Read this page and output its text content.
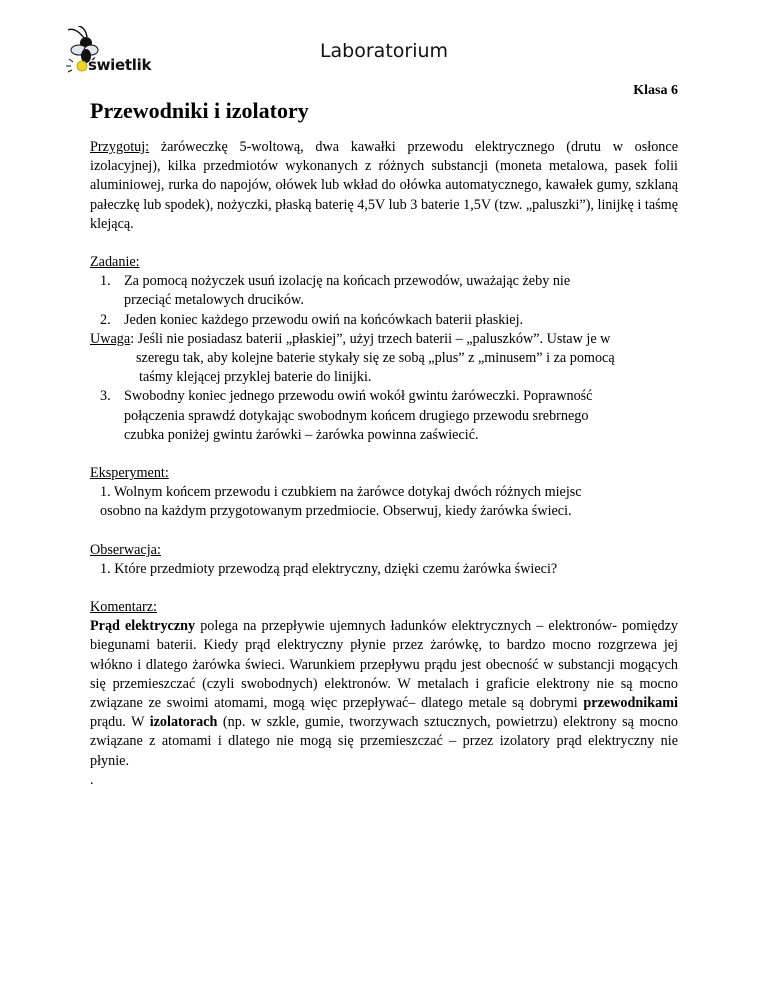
świetlik
Laboratorium
Klasa 6
Przewodniki i izolatory

Przygotuj: żaróweczkę 5-woltową, dwa kawałki przewodu elektrycznego (drutu w osłonce izolacyjnej), kilka przedmiotów wykonanych z różnych substancji (moneta metalowa, pasek folii aluminiowej, rurka do napojów, ołówek lub wkład do ołówka automatycznego, kawałek gumy, szklaną pałeczkę lub spodek), nożyczki, płaską baterię 4,5V lub 3 baterie 1,5V (tzw. „paluszki”), linijkę i taśmę klejącą.

Zadanie:

1. Za pomocą nożyczek usuń izolację na końcach przewodów, uważając żeby nie
przeciąć metalowych drucików.
2. Jeden koniec każdego przewodu owiń na końcówkach baterii płaskiej.

Uwaga: Jeśli nie posiadasz baterii „płaskiej”, użyj trzech baterii – „paluszków”. Ustaw je w

szeregu tak, aby kolejne baterie stykały się ze sobą „plus” z „minusem” i za pomocą

taśmy klejącej przyklej baterie do linijki.

3. Swobodny koniec jednego przewodu owiń wokół gwintu żaróweczki. Poprawność
połączenia sprawdź dotykając swobodnym końcem drugiego przewodu srebrnego
czubka poniżej gwintu żarówki – żarówka powinna zaświecić.

Eksperyment:

1. Wolnym końcem przewodu i czubkiem na żarówce dotykaj dwóch różnych miejsc

osobno na każdym przygotowanym przedmiocie. Obserwuj, kiedy żarówka świeci.

Obserwacja:

1. Które przedmioty przewodzą prąd elektryczny, dzięki czemu żarówka świeci?

Komentarz:

Prąd elektryczny polega na przepływie ujemnych ładunków elektrycznych – elektronów- pomiędzy biegunami baterii. Kiedy prąd elektryczny płynie przez żarówkę, to bardzo mocno rozgrzewa jej włókno i dlatego żarówka świeci. Warunkiem przepływu prądu jest obecność w substancji mogących się przemieszczać (czyli swobodnych) elektronów. W metalach i graficie elektrony nie są mocno związane ze swoimi atomami, mogą więc przepływać– dlatego metale są dobrymi przewodnikami prądu. W izolatorach (np. w szkle, gumie, tworzywach sztucznych, powietrzu) elektrony są mocno związane z atomami i dlatego nie mogą się przemieszczać – przez izolatory prąd elektryczny nie płynie.

.
